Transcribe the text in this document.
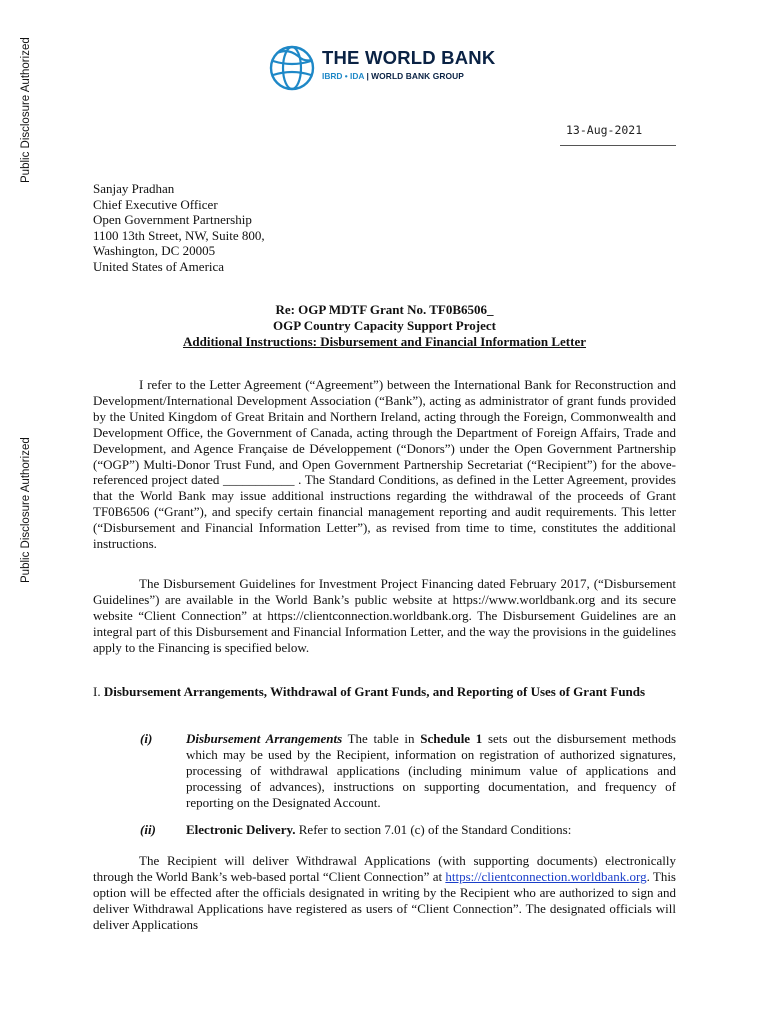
Public Disclosure Authorized
Public Disclosure Authorized
THE WORLD BANK
IBRD • IDA | WORLD BANK GROUP
13-Aug-2021
Sanjay Pradhan
Chief Executive Officer
Open Government Partnership
1100 13th Street, NW, Suite 800,
Washington, DC 20005
United States of America
Re: OGP MDTF Grant No. TF0B6506_
OGP Country Capacity Support Project
Additional Instructions: Disbursement and Financial Information Letter

I refer to the Letter Agreement (“Agreement”) between the International Bank for Reconstruction and Development/International Development Association (“Bank”), acting as administrator of grant funds provided by the United Kingdom of Great Britain and Northern Ireland, acting through the Foreign, Commonwealth and Development Office, the Government of Canada, acting through the Department of Foreign Affairs, Trade and Development, and Agence Française de Développement (“Donors”) under the Open Government Partnership (“OGP”) Multi-Donor Trust Fund, and Open Government Partnership Secretariat (“Recipient”) for the above-referenced project dated ___________ . The Standard Conditions, as defined in the Letter Agreement, provides that the World Bank may issue additional instructions regarding the withdrawal of the proceeds of Grant TF0B6506 (“Grant”), and specify certain financial management reporting and audit requirements. This letter (“Disbursement and Financial Information Letter”), as revised from time to time, constitutes the additional instructions.

The Disbursement Guidelines for Investment Project Financing dated February 2017, (“Disbursement Guidelines”) are available in the World Bank’s public website at https://www.worldbank.org and its secure website “Client Connection” at https://clientconnection.worldbank.org. The Disbursement Guidelines are an integral part of this Disbursement and Financial Information Letter, and the way the provisions in the guidelines apply to the Financing is specified below.

I. Disbursement Arrangements, Withdrawal of Grant Funds, and Reporting of Uses of Grant Funds

(i)	Disbursement Arrangements The table in Schedule 1 sets out the disbursement methods which may be used by the Recipient, information on registration of authorized signatures, processing of withdrawal applications (including minimum value of applications and processing of advances), instructions on supporting documentation, and frequency of reporting on the Designated Account.

(ii) Electronic Delivery. Refer to section 7.01 (c) of the Standard Conditions:

The Recipient will deliver Withdrawal Applications (with supporting documents) electronically through the World Bank’s web-based portal “Client Connection” at https://clientconnection.worldbank.org. This option will be effected after the officials designated in writing by the Recipient who are authorized to sign and deliver Withdrawal Applications have registered as users of “Client Connection”. The designated officials will deliver Applications
